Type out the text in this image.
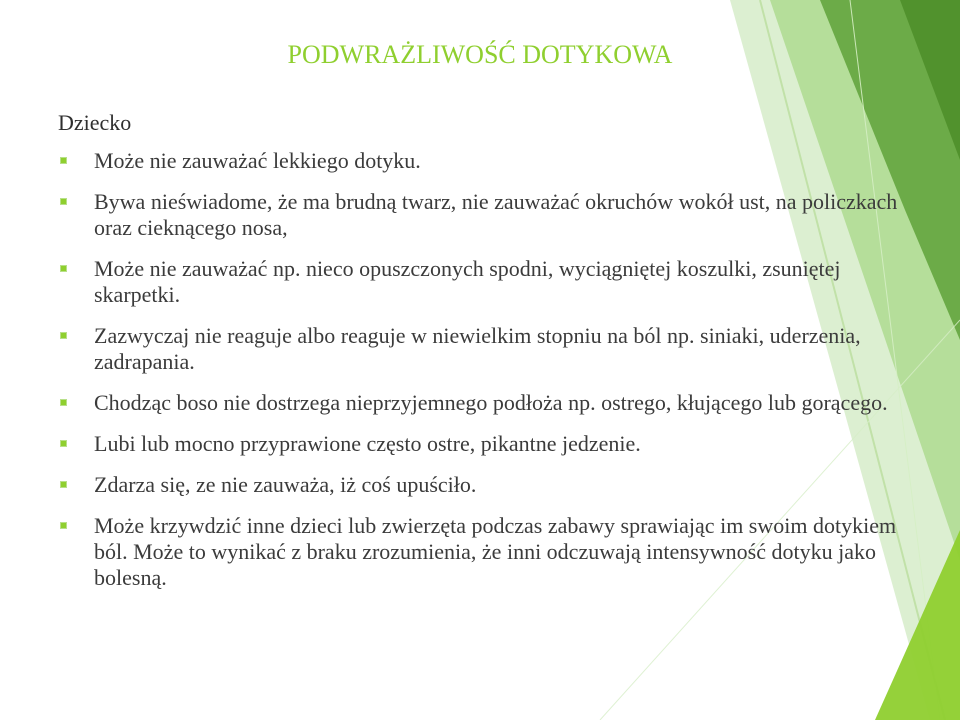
PODWRAŻLIWOŚĆ DOTYKOWA
Dziecko
Może nie zauważać lekkiego dotyku.
Bywa nieświadome, że ma brudną twarz, nie zauważać okruchów wokół ust, na policzkach oraz cieknącego nosa,
Może nie zauważać np. nieco opuszczonych spodni, wyciągniętej koszulki, zsuniętej skarpetki.
Zazwyczaj nie reaguje albo reaguje w niewielkim stopniu na ból np. siniaki, uderzenia, zadrapania.
Chodząc boso nie dostrzega nieprzyjemnego podłoża np. ostrego, kłującego lub gorącego.
Lubi lub mocno przyprawione często ostre, pikantne jedzenie.
Zdarza się, ze nie zauważa, iż coś upuściło.
Może krzywdzić inne dzieci lub zwierzęta podczas zabawy sprawiając im swoim dotykiem ból. Może to wynikać z braku zrozumienia, że inni odczuwają intensywność dotyku jako bolesną.
